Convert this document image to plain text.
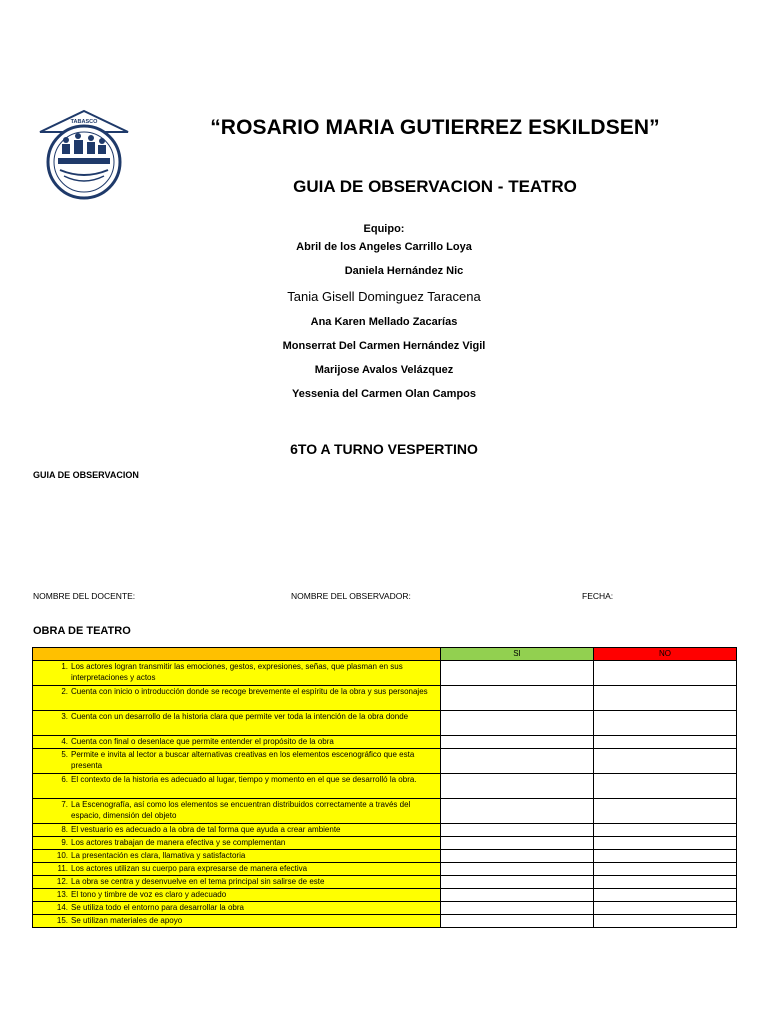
TABASCO	“ROSARIO MARIA GUTIERREZ ESKILDSEN”
GUIA DE OBSERVACION - TEATRO
Equipo:
Abril de los Angeles Carrillo Loya
Daniela Hernández Nic
Tania Gisell Dominguez Taracena
Ana Karen Mellado Zacarías
Monserrat Del Carmen Hernández Vigil
Marijose Avalos Velázquez
Yessenia del Carmen Olan Campos
6TO A TURNO VESPERTINO
GUIA DE OBSERVACION
NOMBRE DEL DOCENTE:	NOMBRE DEL OBSERVADOR:	FECHA:
OBRA DE TEATRO
	SI	NO

1. Los actores logran transmitir las emociones, gestos, expresiones, señas, que plasman en sus interpretaciones y actos		

2. Cuenta con inicio o introducción donde se recoge brevemente el espíritu de la obra y sus personajes		

3. Cuenta con un desarrollo de la historia clara que permite ver toda la intención de la obra donde		

4. Cuenta con final o desenlace que permite entender el propósito de la obra		

5. Permite e invita al lector a buscar alternativas creativas en los elementos escenográfico que esta presenta		

6. El contexto de la historia es adecuado al lugar, tiempo y momento en el que se desarrolló la obra.		

7. La Escenografía, así como los elementos se encuentran distribuidos correctamente a través del espacio, dimensión del objeto		

8. El vestuario es adecuado a la obra de tal forma que ayuda a crear ambiente		

9. Los actores trabajan de manera efectiva y se complementan		

10. La presentación es clara, llamativa y satisfactoria		

11. Los actores utilizan su cuerpo para expresarse de manera efectiva		

12. La obra se centra y desenvuelve en el tema principal sin salirse de este		

13. El tono y timbre de voz es claro y adecuado		

14. Se utiliza todo el entorno para desarrollar la obra		

15. Se utilizan materiales de apoyo		
